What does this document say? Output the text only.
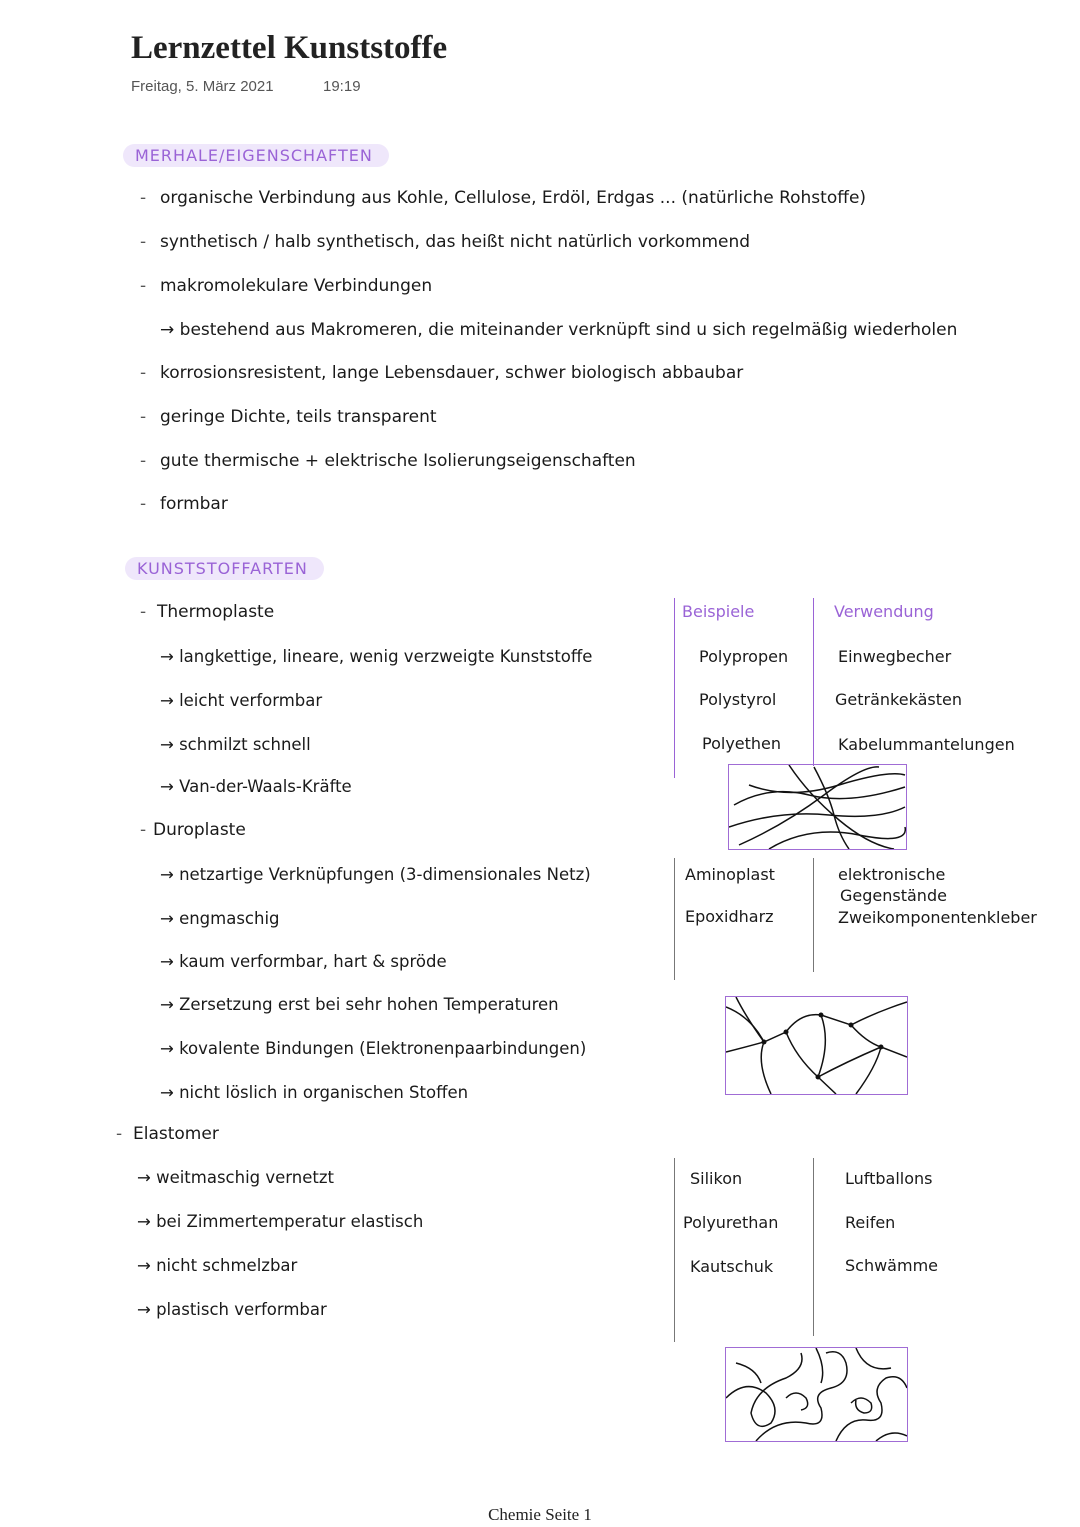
Lernzettel Kunststoffe
Freitag, 5. März 2021	19:19
MERHALE/EIGENSCHAFTEN
- organische Verbindung aus Kohle, Cellulose, Erdöl, Erdgas ... (natürliche Rohstoffe)
- synthetisch / halb synthetisch, das heißt nicht natürlich vorkommend
- makromolekulare Verbindungen
→ bestehend aus Makromeren, die miteinander verknüpft sind u sich regelmäßig wiederholen
- korrosionsresistent, lange Lebensdauer, schwer biologisch abbaubar
- geringe Dichte, teils transparent
- gute thermische + elektrische Isolierungseigenschaften
- formbar
KUNSTSTOFFARTEN
Beispiele	Verwendung
- Thermoplaste
→ langkettige, lineare, wenig verzweigte Kunststoffe
→ leicht verformbar
→ schmilzt schnell
→ Van-der-Waals-Kräfte
Polypropen
Polystyrol
Polyethen
Einwegbecher
Getränkekästen
Kabelummantelungen
- Duroplaste
→ netzartige Verknüpfungen (3-dimensionales Netz)
→ engmaschig
→ kaum verformbar, hart & spröde
→ Zersetzung erst bei sehr hohen Temperaturen
→ kovalente Bindungen (Elektronenpaarbindungen)
→ nicht löslich in organischen Stoffen
Aminoplast
Epoxidharz
elektronische
Gegenstände
Zweikomponentenkleber
- Elastomer
→ weitmaschig vernetzt
→ bei Zimmertemperatur elastisch
→ nicht schmelzbar
→ plastisch verformbar
Silikon
Polyurethan
Kautschuk
Luftballons
Reifen
Schwämme
Chemie Seite 1
